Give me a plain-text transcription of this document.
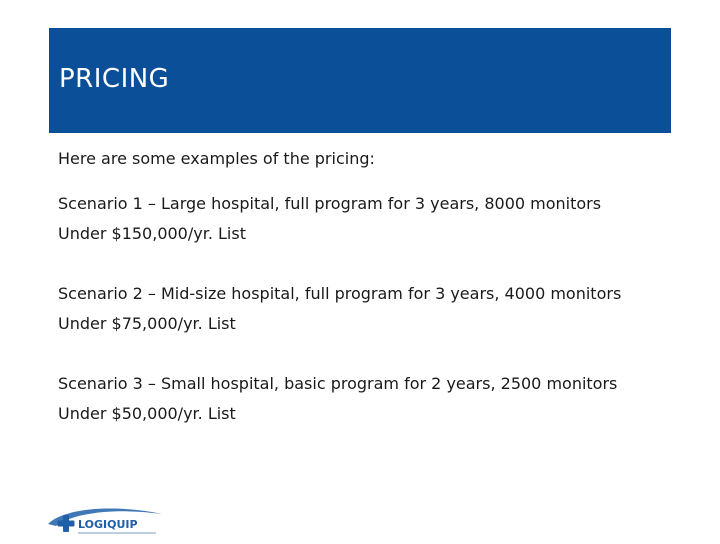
PRICING
Here are some examples of the pricing:
Scenario 1 – Large hospital, full program for 3 years, 8000 monitors
Under $150,000/yr. List
Scenario 2 – Mid-size hospital, full program for 3 years, 4000 monitors
Under $75,000/yr. List
Scenario 3 – Small hospital, basic program for 2 years, 2500 monitors
Under $50,000/yr. List
LOGIQUIP
